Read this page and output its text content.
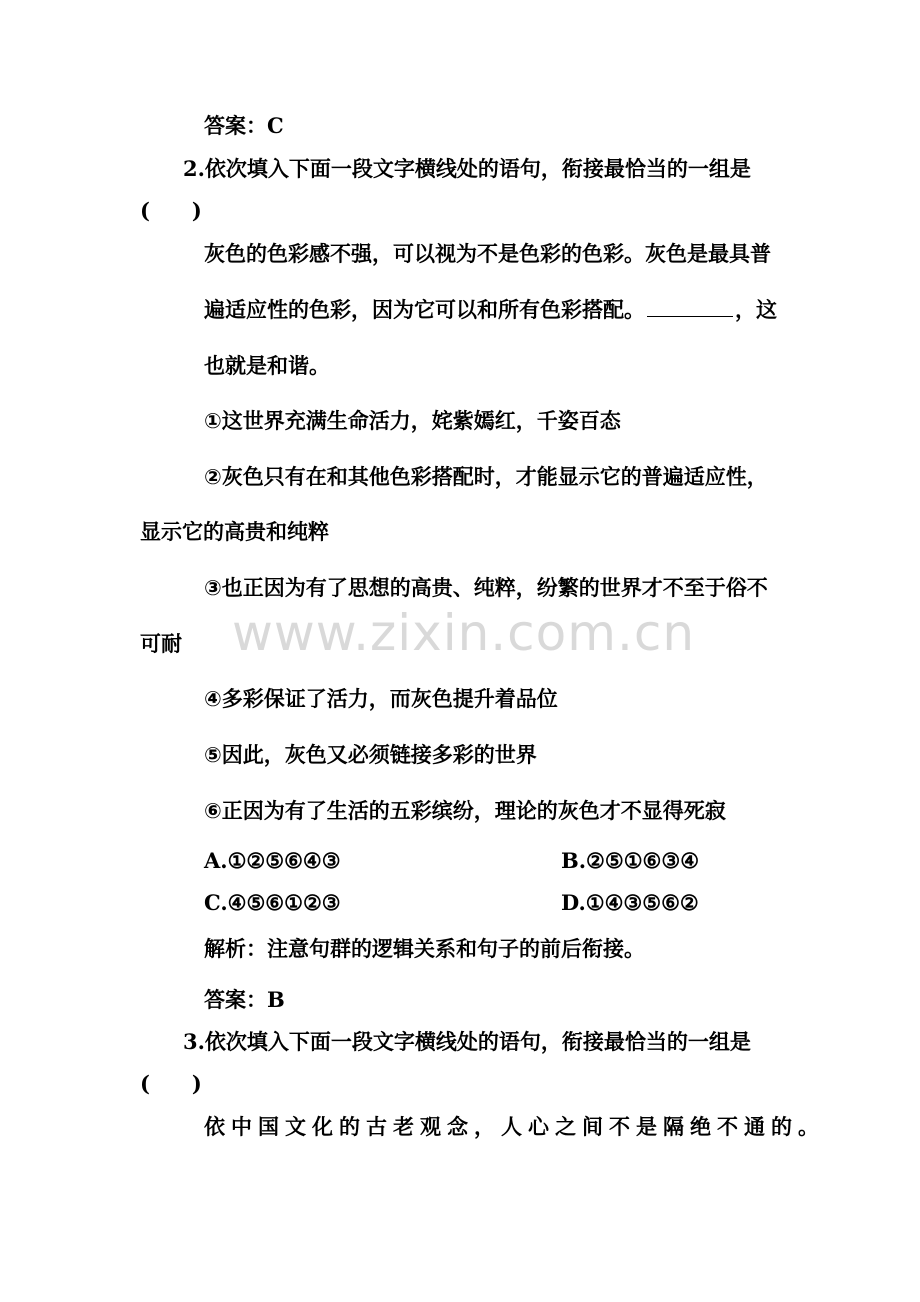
答案：C
2.依次填入下面一段文字横线处的语句，衔接最恰当的一组是
(　　)
灰色的色彩感不强，可以视为不是色彩的色彩。灰色是最具普
遍适应性的色彩，因为它可以和所有色彩搭配。	，这
也就是和谐。
①这世界充满生命活力，姹紫嫣红，千姿百态
②灰色只有在和其他色彩搭配时，才能显示它的普遍适应性，
显示它的高贵和纯粹
③也正因为有了思想的高贵、纯粹，纷繁的世界才不至于俗不
可耐
④多彩保证了活力，而灰色提升着品位
⑤因此，灰色又必须链接多彩的世界
⑥正因为有了生活的五彩缤纷，理论的灰色才不显得死寂
A.①②⑤⑥④③	B.②⑤①⑥③④
C.④⑤⑥①②③	D.①④③⑤⑥②
解析：注意句群的逻辑关系和句子的前后衔接。
答案：B
3.依次填入下面一段文字横线处的语句，衔接最恰当的一组是
(　　)
依中国文化的古老观念，人心之间不是隔绝不通的。
www.zixin.com.cn
